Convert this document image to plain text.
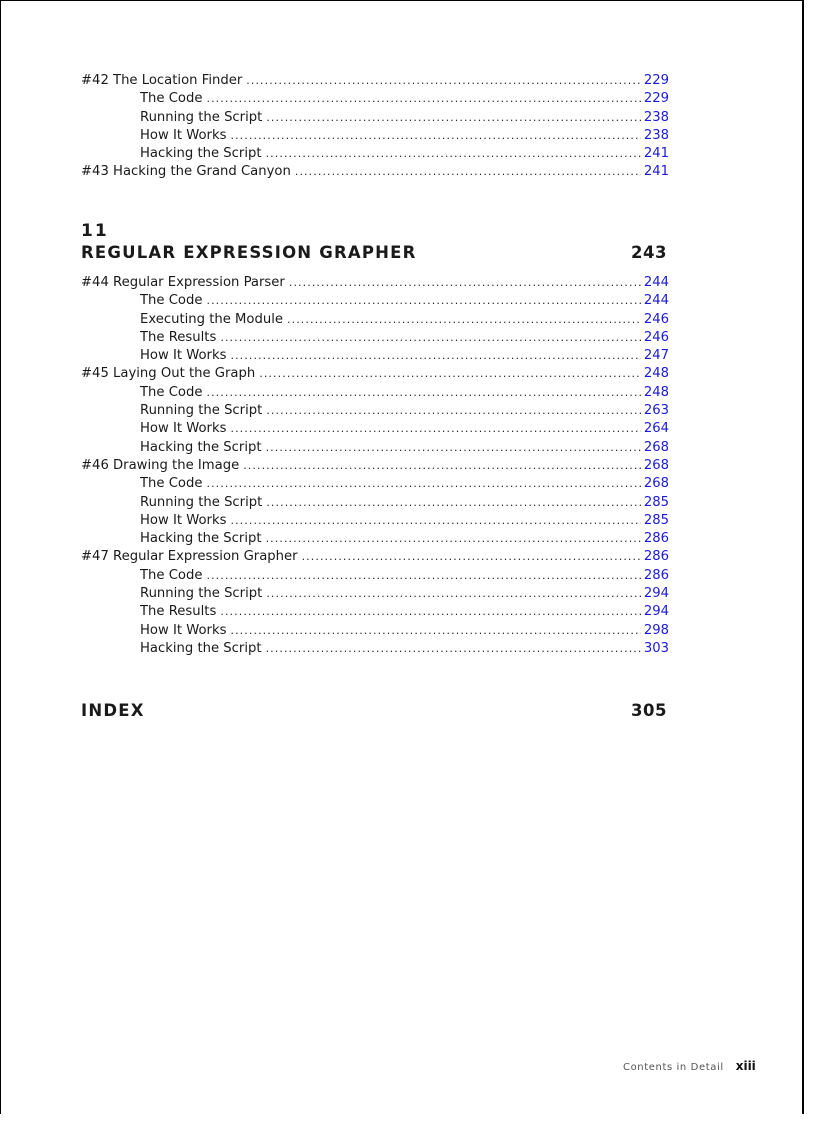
#42 The Location Finder .....	229
The Code .....	229
Running the Script .....	238
How It Works .....	238
Hacking the Script .....	241
#43 Hacking the Grand Canyon .....	241
11
REGULAR EXPRESSION GRAPHER	243
#44 Regular Expression Parser .....	244
The Code .....	244
Executing the Module .....	246
The Results .....	246
How It Works .....	247
#45 Laying Out the Graph .....	248
The Code .....	248
Running the Script .....	263
How It Works .....	264
Hacking the Script .....	268
#46 Drawing the Image .....	268
The Code .....	268
Running the Script .....	285
How It Works .....	285
Hacking the Script .....	286
#47 Regular Expression Grapher .....	286
The Code .....	286
Running the Script .....	294
The Results .....	294
How It Works .....	298
Hacking the Script .....	303
INDEX	305
Contents in Detail xiii
